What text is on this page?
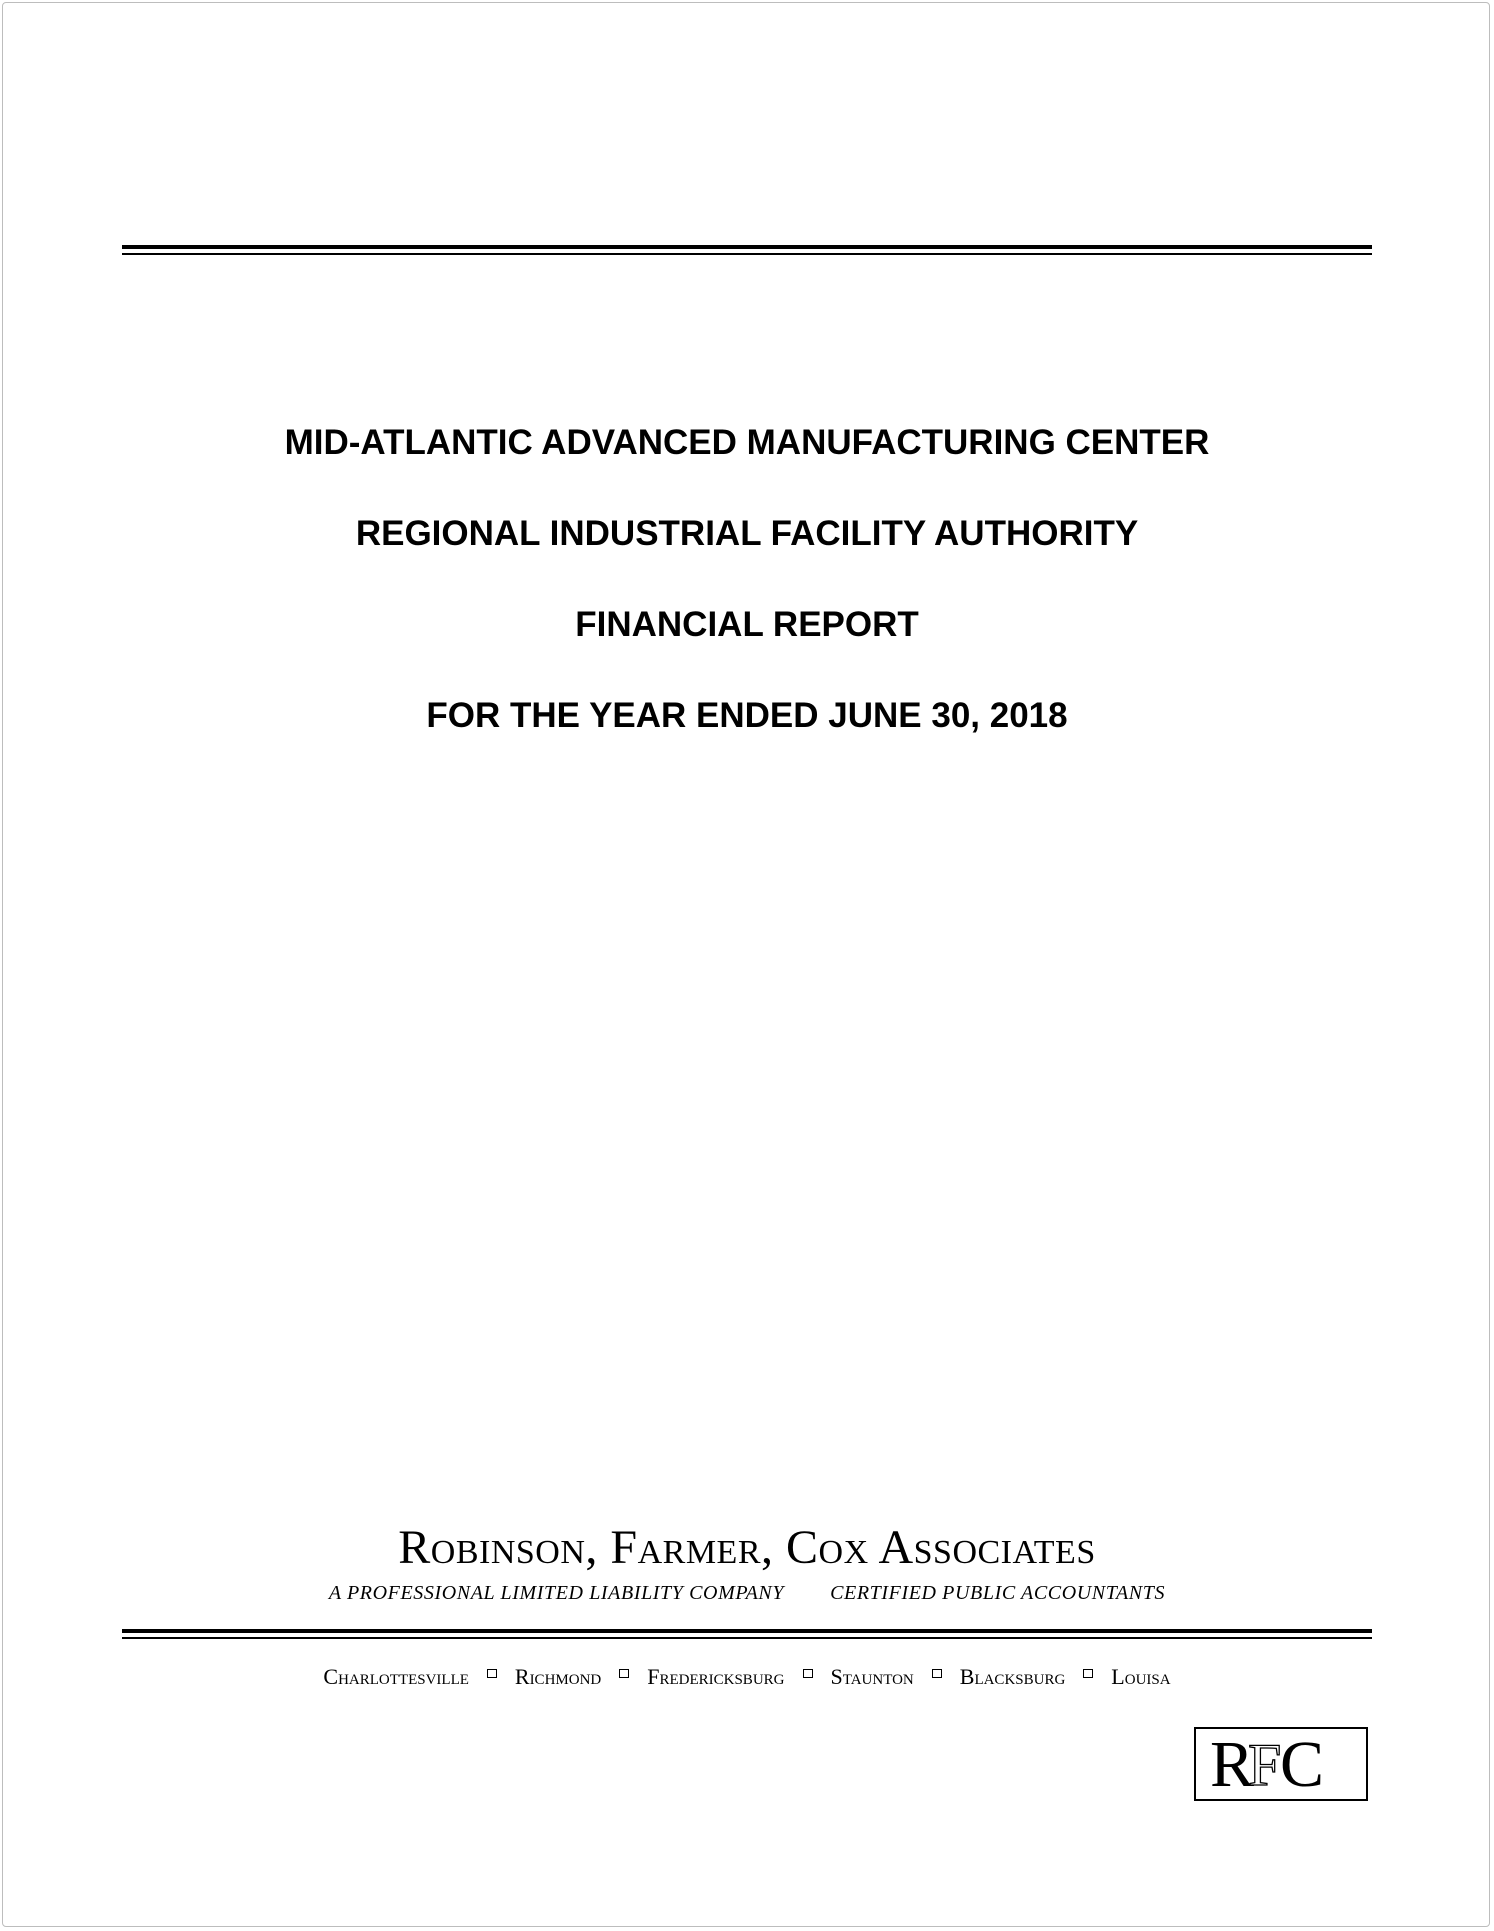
MID-ATLANTIC ADVANCED MANUFACTURING CENTER
REGIONAL INDUSTRIAL FACILITY AUTHORITY
FINANCIAL REPORT
FOR THE YEAR ENDED JUNE 30, 2018
Robinson, Farmer, Cox Associates
A PROFESSIONAL LIMITED LIABILITY COMPANY CERTIFIED PUBLIC ACCOUNTANTS
Charlottesville Richmond Fredericksburg Staunton Blacksburg Louisa
R
F
C
